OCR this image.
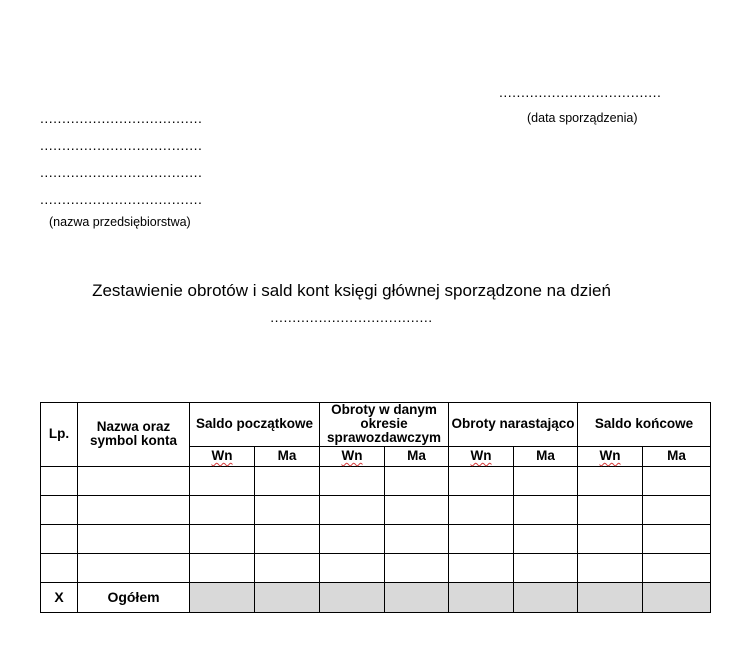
.....................................
(data sporządzenia)
.....................................
.....................................
.....................................
.....................................
(nazwa przedsiębiorstwa)
Zestawienie obrotów i sald kont księgi głównej sporządzone na dzień
.....................................
Lp.	Nazwa oraz symbol konta	Saldo początkowe		Obroty w danym okresie sprawozdawczym		Obroty narastająco		Saldo końcowe	
		Wn	Ma	Wn	Ma	Wn	Ma	Wn	Ma

X	Ogółem								
